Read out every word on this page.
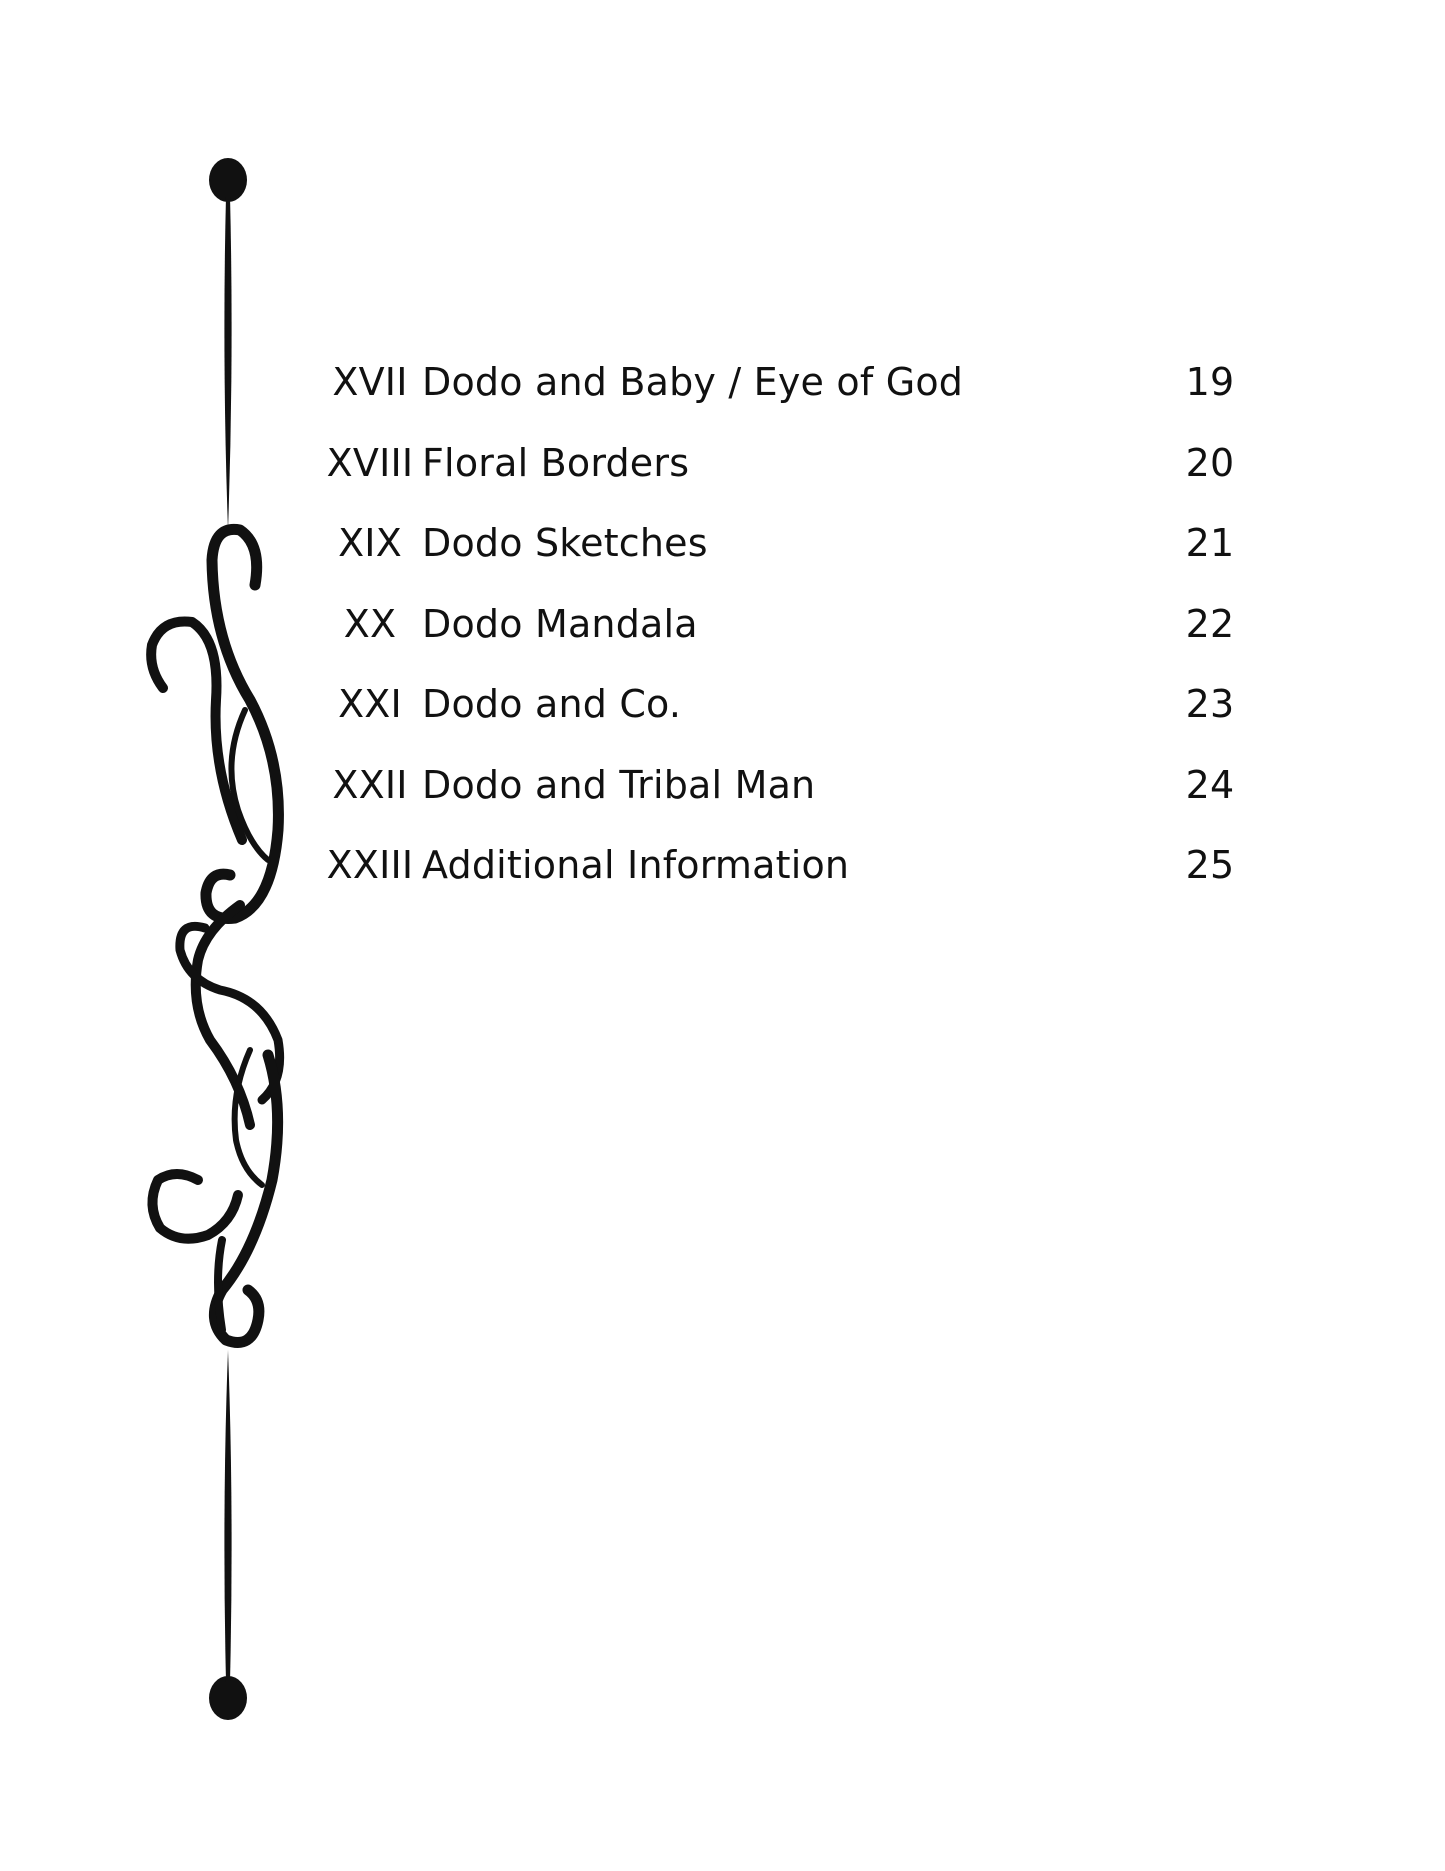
XVII Dodo and Baby / Eye of God	19
XVIII Floral Borders	20
XIX Dodo Sketches	21
XX Dodo Mandala	22
XXI Dodo and Co.	23
XXII Dodo and Tribal Man	24
XXIII Additional Information	25
